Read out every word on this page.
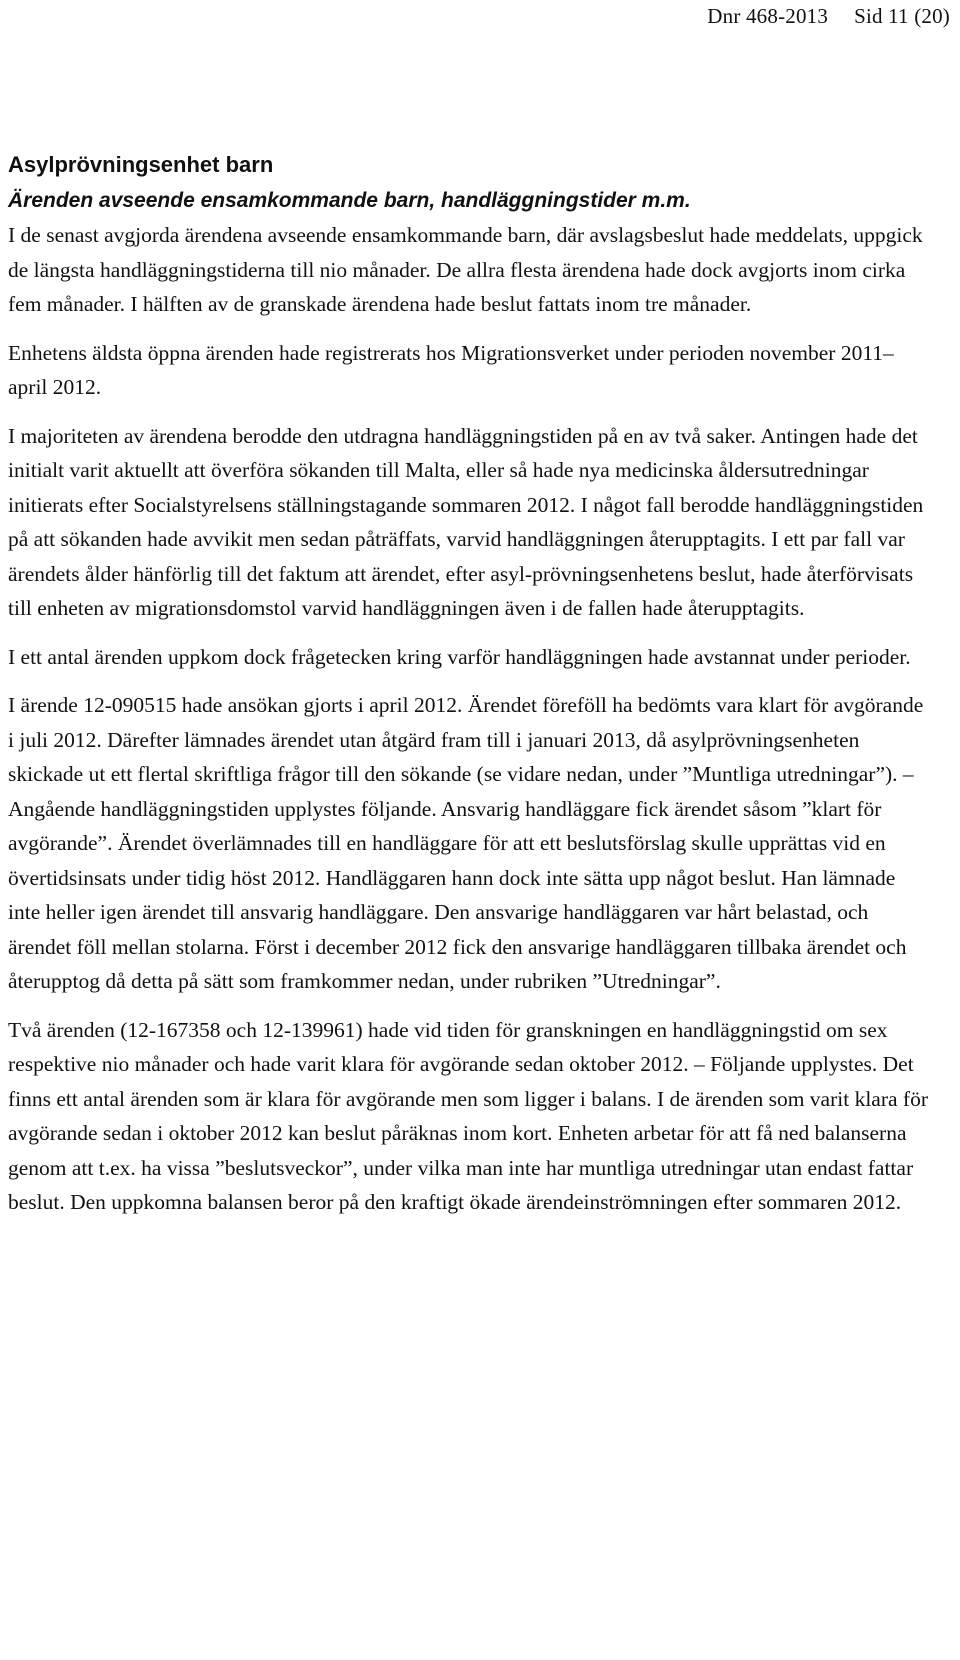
Dnr 468-2013 Sid 11 (20)
Asylprövningsenhet barn
Ärenden avseende ensamkommande barn, handläggningstider m.m.

I de senast avgjorda ärendena avseende ensamkommande barn, där avslagsbeslut hade meddelats, uppgick de längsta handläggningstiderna till nio månader. De allra flesta ärendena hade dock avgjorts inom cirka fem månader. I hälften av de granskade ärendena hade beslut fattats inom tre månader.

Enhetens äldsta öppna ärenden hade registrerats hos Migrationsverket under perioden november 2011–april 2012.

I majoriteten av ärendena berodde den utdragna handläggningstiden på en av två saker. Antingen hade det initialt varit aktuellt att överföra sökanden till Malta, eller så hade nya medicinska åldersutredningar initierats efter Socialstyrelsens ställningstagande sommaren 2012. I något fall berodde handläggningstiden på att sökanden hade avvikit men sedan påträffats, varvid handläggningen återupptagits. I ett par fall var ärendets ålder hänförlig till det faktum att ärendet, efter asyl-prövningsenhetens beslut, hade återförvisats till enheten av migrationsdomstol varvid handläggningen även i de fallen hade återupptagits.

I ett antal ärenden uppkom dock frågetecken kring varför handläggningen hade avstannat under perioder.

I ärende 12-090515 hade ansökan gjorts i april 2012. Ärendet föreföll ha bedömts vara klart för avgörande i juli 2012. Därefter lämnades ärendet utan åtgärd fram till i januari 2013, då asylprövningsenheten skickade ut ett flertal skriftliga frågor till den sökande (se vidare nedan, under ”Muntliga utredningar”). – Angående handläggningstiden upplystes följande. Ansvarig handläggare fick ärendet såsom ”klart för avgörande”. Ärendet överlämnades till en handläggare för att ett beslutsförslag skulle upprättas vid en övertidsinsats under tidig höst 2012. Handläggaren hann dock inte sätta upp något beslut. Han lämnade inte heller igen ärendet till ansvarig handläggare. Den ansvarige handläggaren var hårt belastad, och ärendet föll mellan stolarna. Först i december 2012 fick den ansvarige handläggaren tillbaka ärendet och återupptog då detta på sätt som framkommer nedan, under rubriken ”Utredningar”.

Två ärenden (12-167358 och 12-139961) hade vid tiden för granskningen en handläggningstid om sex respektive nio månader och hade varit klara för avgörande sedan oktober 2012. – Följande upplystes. Det finns ett antal ärenden som är klara för avgörande men som ligger i balans. I de ärenden som varit klara för avgörande sedan i oktober 2012 kan beslut påräknas inom kort. Enheten arbetar för att få ned balanserna genom att t.ex. ha vissa ”beslutsveckor”, under vilka man inte har muntliga utredningar utan endast fattar beslut. Den uppkomna balansen beror på den kraftigt ökade ärendeinströmningen efter sommaren 2012.
